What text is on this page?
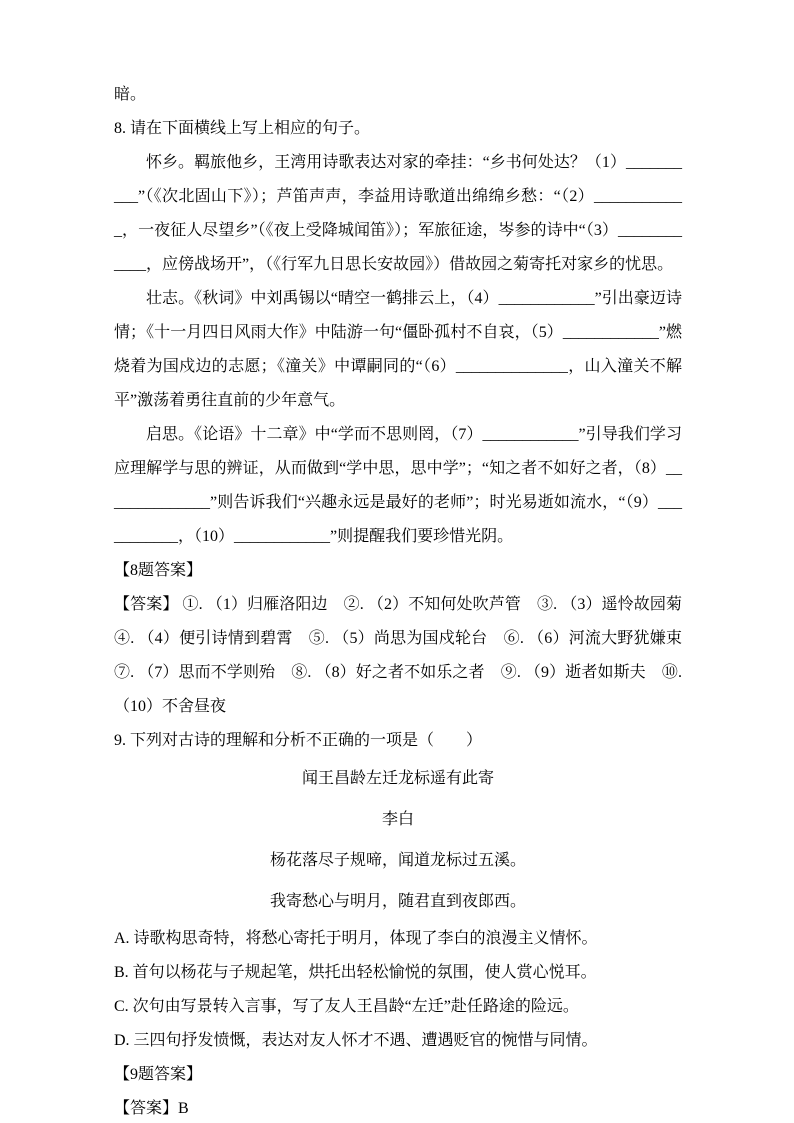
暗。

8. 请在下面横线上写上相应的句子。

怀乡。羁旅他乡，王湾用诗歌表达对家的牵挂：“乡书何处达？（1）__________”（《次北固山下》）；芦笛声声，李益用诗歌道出绵绵乡愁：“（2）____________，一夜征人尽望乡”（《夜上受降城闻笛》）；军旅征途，岑参的诗中“（3）____________，应傍战场开”，（《行军九日思长安故园》）借故园之菊寄托对家乡的忧思。

壮志。《秋词》中刘禹锡以“晴空一鹤排云上，（4）____________”引出豪迈诗情；《十一月四日风雨大作》中陆游一句“僵卧孤村不自哀，（5）____________”燃烧着为国戍边的志愿；《潼关》中谭嗣同的“（6）______________，山入潼关不解平”激荡着勇往直前的少年意气。

启思。《论语》十二章》中“学而不思则罔，（7）____________”引导我们学习应理解学与思的辨证，从而做到“学中思，思中学”；“知之者不如好之者，（8）______________”则告诉我们“兴趣永远是最好的老师”；时光易逝如流水，“（9）___________，（10）____________”则提醒我们要珍惜光阴。

【8题答案】

【答案】 ①. （1）归雁洛阳边　②. （2）不知何处吹芦管　③. （3）遥怜故园菊　④. （4）便引诗情到碧霄　⑤. （5）尚思为国戍轮台　⑥. （6）河流大野犹嫌束　⑦. （7）思而不学则殆　⑧. （8）好之者不如乐之者　⑨. （9）逝者如斯夫　⑩. （10）不舍昼夜

9. 下列对古诗的理解和分析不正确的一项是（　　）

闻王昌龄左迁龙标遥有此寄

李白

杨花落尽子规啼，闻道龙标过五溪。

我寄愁心与明月，随君直到夜郎西。

A. 诗歌构思奇特，将愁心寄托于明月，体现了李白的浪漫主义情怀。

B. 首句以杨花与子规起笔，烘托出轻松愉悦的氛围，使人赏心悦耳。

C. 次句由写景转入言事，写了友人王昌龄“左迁”赴任路途的险远。

D. 三四句抒发愤慨，表达对友人怀才不遇、遭遇贬官的惋惜与同情。

【9题答案】

【答案】B
